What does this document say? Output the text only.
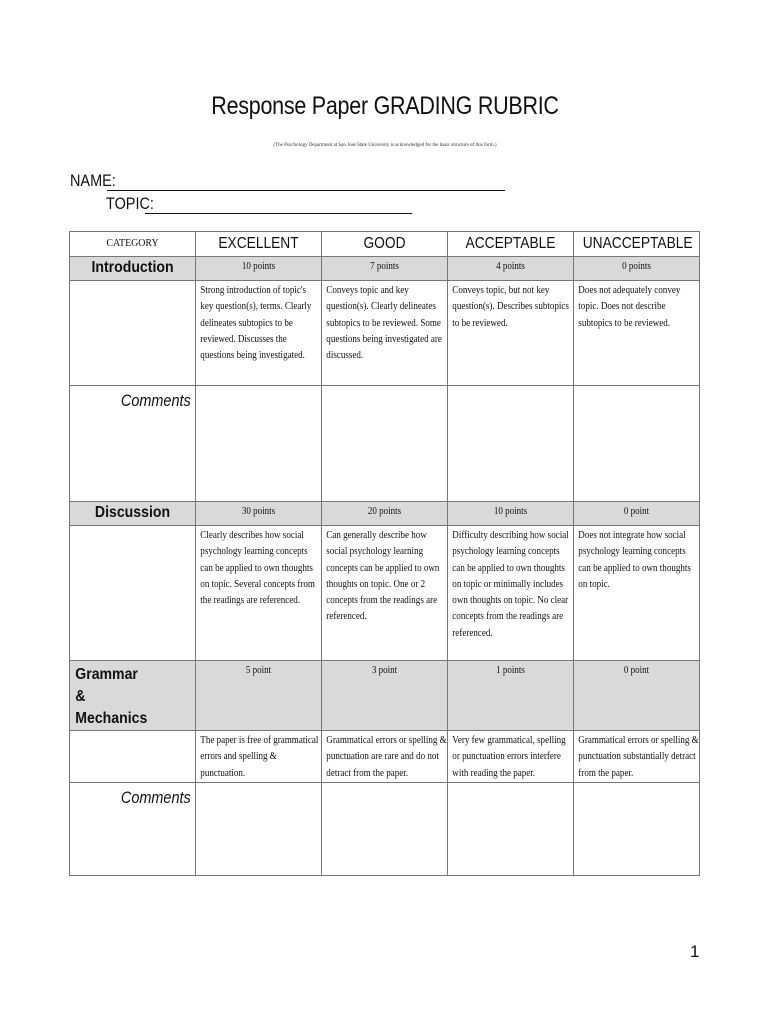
Response Paper GRADING RUBRIC
(The Psychology Department at San José State University is acknowledged for the basic structure of this form.)
NAME:
TOPIC:
CATEGORY	EXCELLENT	GOOD	ACCEPTABLE	UNACCEPTABLE

Introduction	10 points	7 points	4 points	0 points

	Strong introduction of topic's key question(s), terms. Clearly delineates subtopics to be reviewed. Discusses the questions being investigated.	Conveys topic and key question(s). Clearly delineates subtopics to be reviewed. Some questions being investigated are discussed.	Conveys topic, but not key question(s). Describes subtopics to be reviewed.	Does not adequately convey topic. Does not describe subtopics to be reviewed.

Comments				

Discussion	30 points	20 points	10 points	0 point

	Clearly describes how social psychology learning concepts can be applied to own thoughts on topic. Several concepts from the readings are referenced.	Can generally describe how social psychology learning concepts can be applied to own thoughts on topic. One or 2 concepts from the readings are referenced.	Difficulty describing how social psychology learning concepts can be applied to own thoughts on topic or minimally includes own thoughts on topic. No clear concepts from the readings are referenced.	Does not integrate how social psychology learning concepts can be applied to own thoughts on topic.

Grammar & Mechanics	5 point	3 point	1 points	0 point

	The paper is free of grammatical errors and spelling & punctuation.	Grammatical errors or spelling & punctuation are rare and do not detract from the paper.	Very few grammatical, spelling or punctuation errors interfere with reading the paper.	Grammatical errors or spelling & punctuation substantially detract from the paper.

Comments				

1
